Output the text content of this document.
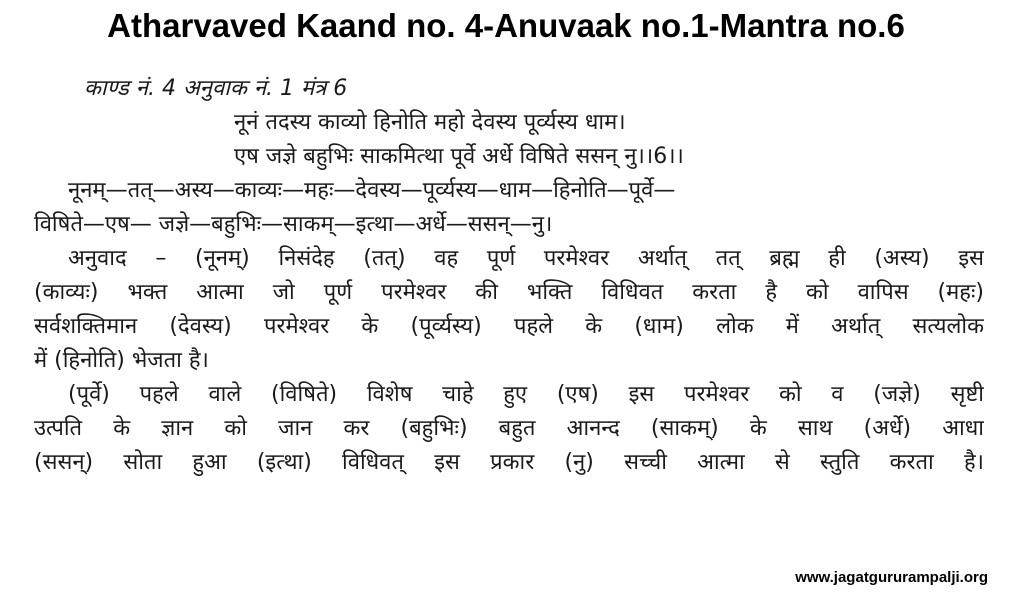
Atharvaved Kaand no. 4-Anuvaak no.1-Mantra no.6
काण्ड नं. 4 अनुवाक नं. 1 मंत्र 6
नूनं तदस्य काव्यो हिनोति महो देवस्य पूर्व्यस्य धाम।
एष जज्ञे बहुभिः साकमित्था पूर्वे अर्धे विषिते ससन् नु।।6।।
नूनम्—तत्—अस्य—काव्यः—महः—देवस्य—पूर्व्यस्य—धाम—हिनोति—पूर्वे—
विषिते—एष— जज्ञे—बहुभिः—साकम्—इत्था—अर्धे—ससन्—नु।
अनुवाद – (नूनम्) निसंदेह (तत्) वह पूर्ण परमेश्वर अर्थात् तत् ब्रह्म ही (अस्य) इस
(काव्यः) भक्त आत्मा जो पूर्ण परमेश्वर की भक्ति विधिवत करता है को वापिस (महः)
सर्वशक्तिमान (देवस्य) परमेश्वर के (पूर्व्यस्य) पहले के (धाम) लोक में अर्थात् सत्यलोक
में (हिनोति) भेजता है।
(पूर्वे) पहले वाले (विषिते) विशेष चाहे हुए (एष) इस परमेश्वर को व (जज्ञे) सृष्टी
उत्पति के ज्ञान को जान कर (बहुभिः) बहुत आनन्द (साकम्) के साथ (अर्धे) आधा
(ससन्) सोता हुआ (इत्था) विधिवत् इस प्रकार (नु) सच्ची आत्मा से स्तुति करता है।
www.jagatgururampalji.org
